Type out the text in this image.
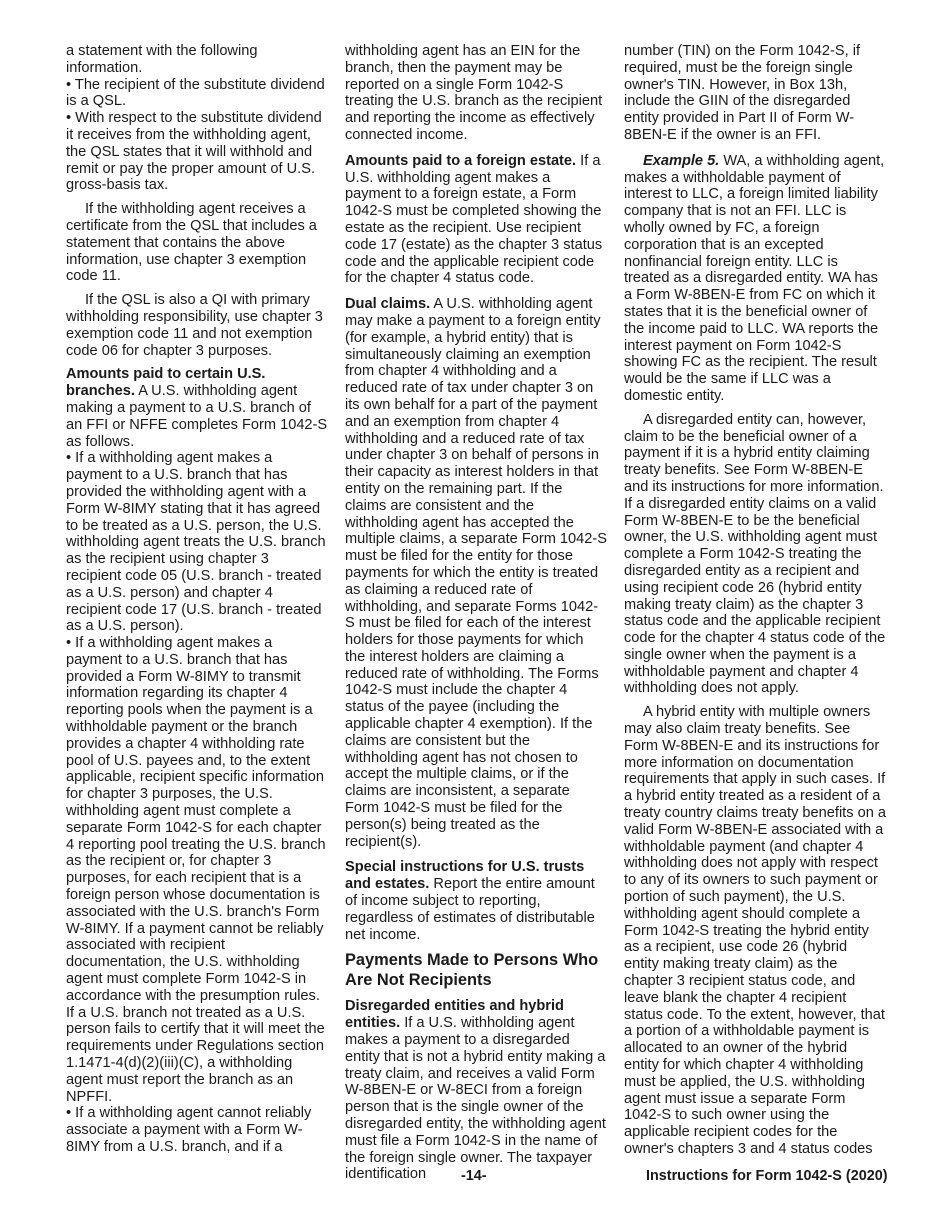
a statement with the following information.

• The recipient of the substitute dividend is a QSL.

• With respect to the substitute dividend it receives from the withholding agent, the QSL states that it will withhold and remit or pay the proper amount of U.S. gross-basis tax.

If the withholding agent receives a certificate from the QSL that includes a statement that contains the above information, use chapter 3 exemption code 11.

If the QSL is also a QI with primary withholding responsibility, use chapter 3 exemption code 11 and not exemption code 06 for chapter 3 purposes.

Amounts paid to certain U.S. branches. A U.S. withholding agent making a payment to a U.S. branch of an FFI or NFFE completes Form 1042-S as follows.

• If a withholding agent makes a payment to a U.S. branch that has provided the withholding agent with a Form W-8IMY stating that it has agreed to be treated as a U.S. person, the U.S. withholding agent treats the U.S. branch as the recipient using chapter 3 recipient code 05 (U.S. branch - treated as a U.S. person) and chapter 4 recipient code 17 (U.S. branch - treated as a U.S. person).

• If a withholding agent makes a payment to a U.S. branch that has provided a Form W-8IMY to transmit information regarding its chapter 4 reporting pools when the payment is a withholdable payment or the branch provides a chapter 4 withholding rate pool of U.S. payees and, to the extent applicable, recipient specific information for chapter 3 purposes, the U.S. withholding agent must complete a separate Form 1042-S for each chapter 4 reporting pool treating the U.S. branch as the recipient or, for chapter 3 purposes, for each recipient that is a foreign person whose documentation is associated with the U.S. branch's Form W-8IMY. If a payment cannot be reliably associated with recipient documentation, the U.S. withholding agent must complete Form 1042-S in accordance with the presumption rules. If a U.S. branch not treated as a U.S. person fails to certify that it will meet the requirements under Regulations section 1.1471-4(d)(2)(iii)(C), a withholding agent must report the branch as an NPFFI.

• If a withholding agent cannot reliably associate a payment with a Form W-8IMY from a U.S. branch, and if a

withholding agent has an EIN for the branch, then the payment may be reported on a single Form 1042-S treating the U.S. branch as the recipient and reporting the income as effectively connected income.

Amounts paid to a foreign estate. If a U.S. withholding agent makes a payment to a foreign estate, a Form 1042-S must be completed showing the estate as the recipient. Use recipient code 17 (estate) as the chapter 3 status code and the applicable recipient code for the chapter 4 status code.

Dual claims. A U.S. withholding agent may make a payment to a foreign entity (for example, a hybrid entity) that is simultaneously claiming an exemption from chapter 4 withholding and a reduced rate of tax under chapter 3 on its own behalf for a part of the payment and an exemption from chapter 4 withholding and a reduced rate of tax under chapter 3 on behalf of persons in their capacity as interest holders in that entity on the remaining part. If the claims are consistent and the withholding agent has accepted the multiple claims, a separate Form 1042-S must be filed for the entity for those payments for which the entity is treated as claiming a reduced rate of withholding, and separate Forms 1042-S must be filed for each of the interest holders for those payments for which the interest holders are claiming a reduced rate of withholding. The Forms 1042-S must include the chapter 4 status of the payee (including the applicable chapter 4 exemption). If the claims are consistent but the withholding agent has not chosen to accept the multiple claims, or if the claims are inconsistent, a separate Form 1042-S must be filed for the person(s) being treated as the recipient(s).

Special instructions for U.S. trusts and estates. Report the entire amount of income subject to reporting, regardless of estimates of distributable net income.

Payments Made to Persons Who Are Not Recipients

Disregarded entities and hybrid entities. If a U.S. withholding agent makes a payment to a disregarded entity that is not a hybrid entity making a treaty claim, and receives a valid Form W-8BEN-E or W-8ECI from a foreign person that is the single owner of the disregarded entity, the withholding agent must file a Form 1042-S in the name of the foreign single owner. The taxpayer identification

number (TIN) on the Form 1042-S, if required, must be the foreign single owner's TIN. However, in Box 13h, include the GIIN of the disregarded entity provided in Part II of Form W-8BEN-E if the owner is an FFI.

Example 5. WA, a withholding agent, makes a withholdable payment of interest to LLC, a foreign limited liability company that is not an FFI. LLC is wholly owned by FC, a foreign corporation that is an excepted nonfinancial foreign entity. LLC is treated as a disregarded entity. WA has a Form W-8BEN-E from FC on which it states that it is the beneficial owner of the income paid to LLC. WA reports the interest payment on Form 1042-S showing FC as the recipient. The result would be the same if LLC was a domestic entity.

A disregarded entity can, however, claim to be the beneficial owner of a payment if it is a hybrid entity claiming treaty benefits. See Form W-8BEN-E and its instructions for more information. If a disregarded entity claims on a valid Form W-8BEN-E to be the beneficial owner, the U.S. withholding agent must complete a Form 1042-S treating the disregarded entity as a recipient and using recipient code 26 (hybrid entity making treaty claim) as the chapter 3 status code and the applicable recipient code for the chapter 4 status code of the single owner when the payment is a withholdable payment and chapter 4 withholding does not apply.

A hybrid entity with multiple owners may also claim treaty benefits. See Form W-8BEN-E and its instructions for more information on documentation requirements that apply in such cases. If a hybrid entity treated as a resident of a treaty country claims treaty benefits on a valid Form W-8BEN-E associated with a withholdable payment (and chapter 4 withholding does not apply with respect to any of its owners to such payment or portion of such payment), the U.S. withholding agent should complete a Form 1042-S treating the hybrid entity as a recipient, use code 26 (hybrid entity making treaty claim) as the chapter 3 recipient status code, and leave blank the chapter 4 recipient status code. To the extent, however, that a portion of a withholdable payment is allocated to an owner of the hybrid entity for which chapter 4 withholding must be applied, the U.S. withholding agent must issue a separate Form 1042-S to such owner using the applicable recipient codes for the owner's chapters 3 and 4 status codes

-14-	Instructions for Form 1042-S (2020)
